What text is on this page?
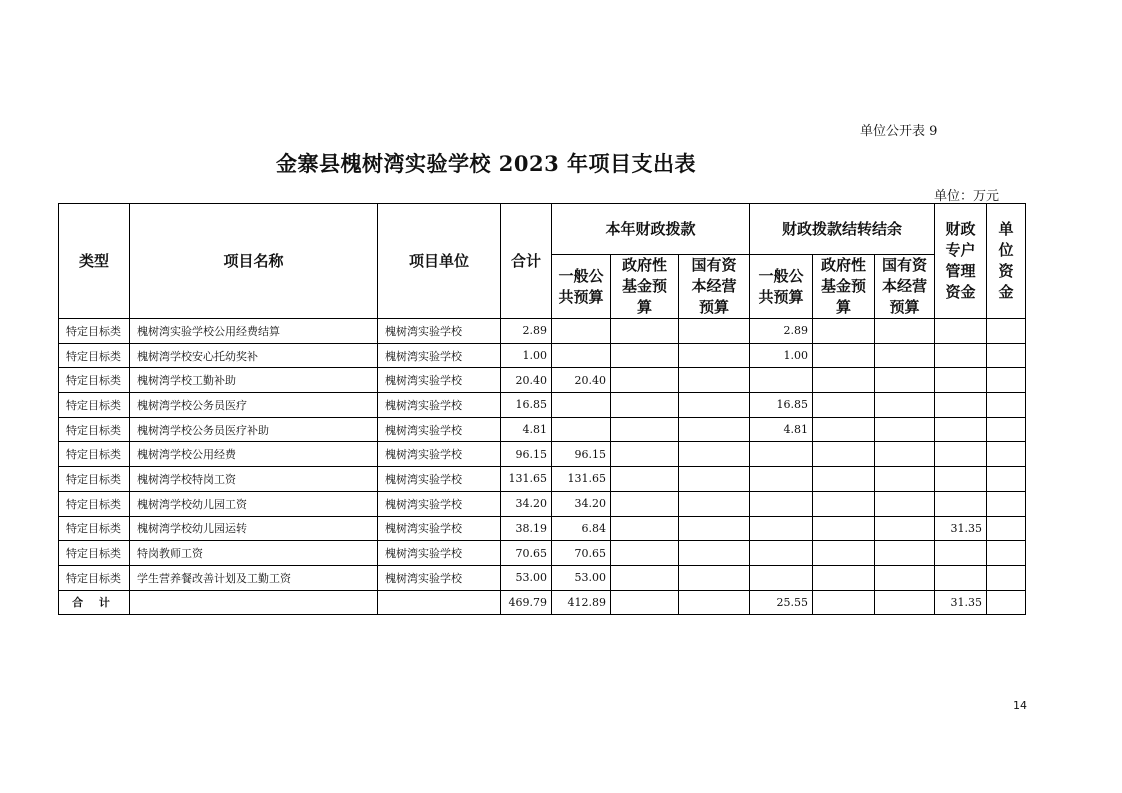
单位公开表 9
金寨县槐树湾实验学校 2023 年项目支出表
单位：万元
类型	项目名称	项目单位	合计	本年财政拨款			财政拨款结转结余			财政专户管理资金	单位资金
				一般公共预算	政府性基金预算	国有资本经营预算	一般公共预算	政府性基金预算	国有资本经营预算		
特定目标类	槐树湾实验学校公用经费结算	槐树湾实验学校	2.89				2.89				
特定目标类	槐树湾学校安心托幼奖补	槐树湾实验学校	1.00				1.00				
特定目标类	槐树湾学校工勤补助	槐树湾实验学校	20.40	20.40							
特定目标类	槐树湾学校公务员医疗	槐树湾实验学校	16.85				16.85				
特定目标类	槐树湾学校公务员医疗补助	槐树湾实验学校	4.81				4.81				
特定目标类	槐树湾学校公用经费	槐树湾实验学校	96.15	96.15							
特定目标类	槐树湾学校特岗工资	槐树湾实验学校	131.65	131.65							
特定目标类	槐树湾学校幼儿园工资	槐树湾实验学校	34.20	34.20							
特定目标类	槐树湾学校幼儿园运转	槐树湾实验学校	38.19	6.84						31.35	
特定目标类	特岗教师工资	槐树湾实验学校	70.65	70.65							
特定目标类	学生营养餐改善计划及工勤工资	槐树湾实验学校	53.00	53.00							
合 计			469.79	412.89			25.55			31.35	
14
